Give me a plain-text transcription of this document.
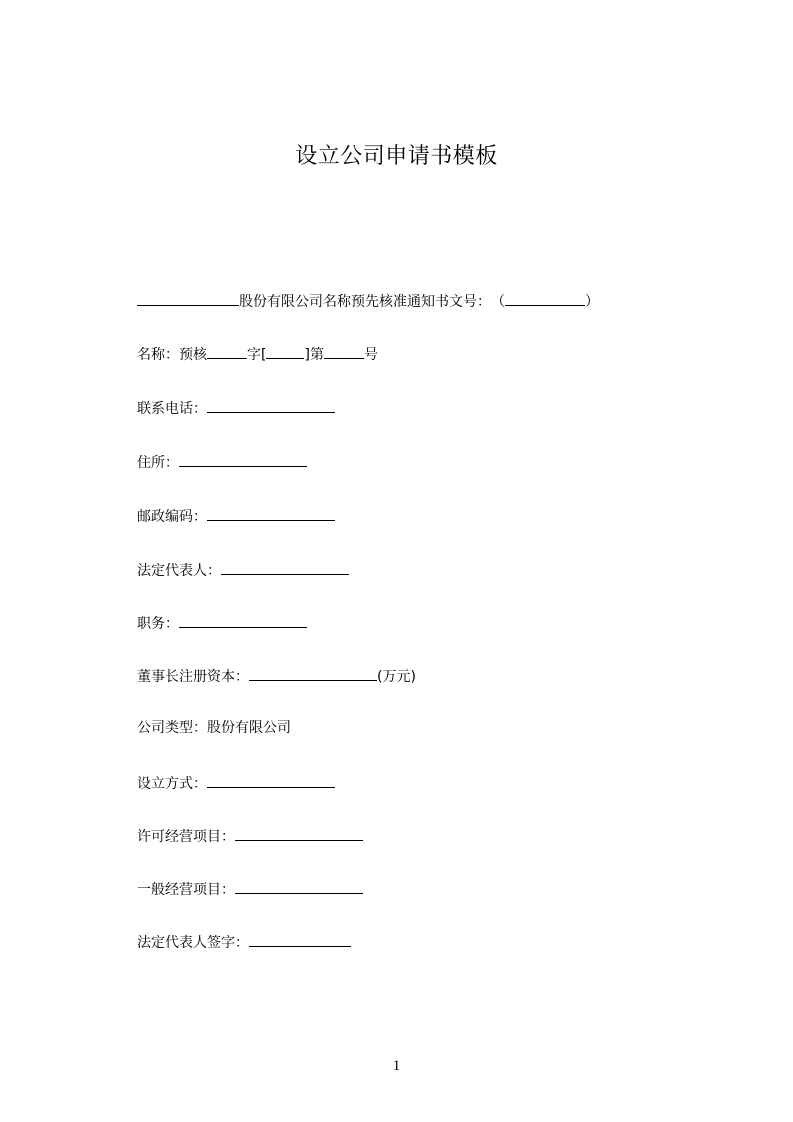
设立公司申请书模板
股份有限公司名称预先核准通知书文号：（	）
名称：预核	字[	]第	号
联系电话：
住所：
邮政编码：
法定代表人：
职务：
董事长注册资本：	(万元)
公司类型：股份有限公司
设立方式：
许可经营项目：
一般经营项目：
法定代表人签字：
1
